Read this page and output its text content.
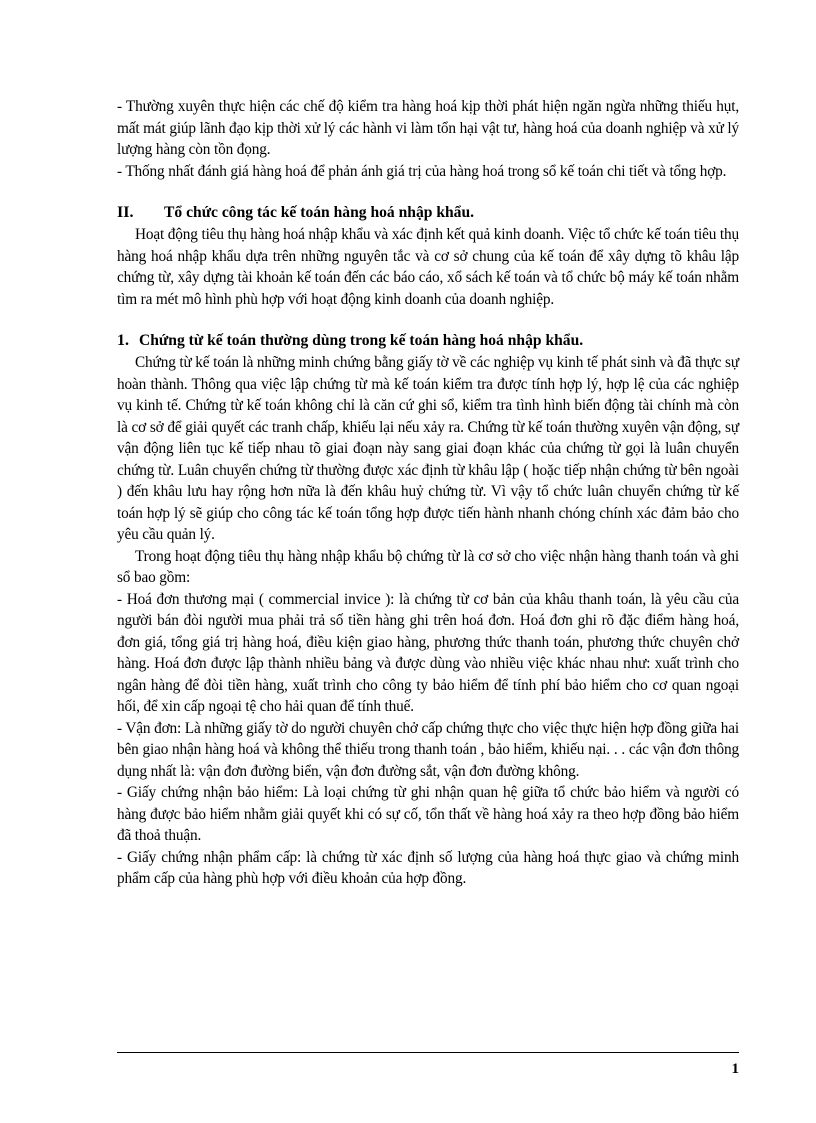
- Thường xuyên thực hiện các chế độ kiểm tra hàng hoá kịp thời phát hiện ngăn ngừa những thiếu hụt, mất mát giúp lãnh đạo kịp thời xử lý các hành vi làm tổn hại vật tư, hàng hoá của doanh nghiệp và xử lý lượng hàng còn tồn đọng.

- Thống nhất đánh giá hàng hoá để phản ánh giá trị của hàng hoá trong sổ kế toán chi tiết và tổng hợp.

II.	Tổ chức công tác kế toán hàng hoá nhập khẩu.

Hoạt động tiêu thụ hàng hoá nhập khẩu và xác định kết quả kinh doanh. Việc tổ chức kế toán tiêu thụ hàng hoá nhập khẩu dựa trên những nguyên tắc và cơ sở chung của kế toán để xây dựng tõ khâu lập chứng từ, xây dựng tài khoản kế toán đến các báo cáo, xổ sách kế toán và tổ chức bộ máy kế toán nhằm tìm ra mét mô hình phù hợp với hoạt động kinh doanh của doanh nghiệp.

1. Chứng từ kế toán thường dùng trong kế toán hàng hoá nhập khẩu.

Chứng từ kế toán là những minh chứng bằng giấy tờ về các nghiệp vụ kinh tế phát sinh và đã thực sự hoàn thành. Thông qua việc lập chứng từ mà kế toán kiểm tra được tính hợp lý, hợp lệ của các nghiệp vụ kinh tế. Chứng từ kế toán không chỉ là căn cứ ghi sổ, kiểm tra tình hình biến động tài chính mà còn là cơ sở để giải quyết các tranh chấp, khiếu lại nếu xảy ra. Chứng từ kế toán thường xuyên vận động, sự vận động liên tục kế tiếp nhau tõ giai đoạn này sang giai đoạn khác của chứng từ gọi là luân chuyển chứng từ. Luân chuyển chứng từ thường được xác định từ khâu lập ( hoặc tiếp nhận chứng từ bên ngoài ) đến khâu lưu hay rộng hơn nữa là đến khâu huỷ chứng từ. Vì vậy tổ chức luân chuyển chứng từ kế toán hợp lý sẽ giúp cho công tác kế toán tổng hợp được tiến hành nhanh chóng chính xác đảm bảo cho yêu cầu quản lý.

Trong hoạt động tiêu thụ hàng nhập khẩu bộ chứng từ là cơ sở cho việc nhận hàng thanh toán và ghi sổ bao gồm:

- Hoá đơn thương mại ( commercial invice ): là chứng từ cơ bản của khâu thanh toán, là yêu cầu của người bán đòi người mua phải trả số tiền hàng ghi trên hoá đơn. Hoá đơn ghi rõ đặc điểm hàng hoá, đơn giá, tổng giá trị hàng hoá, điều kiện giao hàng, phương thức thanh toán, phương thức chuyên chở hàng. Hoá đơn được lập thành nhiều bảng và được dùng vào nhiều việc khác nhau như: xuất trình cho ngân hàng để đòi tiền hàng, xuất trình cho công ty bảo hiểm để tính phí bảo hiểm cho cơ quan ngoại hối, để xin cấp ngoại tệ cho hải quan để tính thuế.

- Vận đơn: Là những giấy tờ do người chuyên chở cấp chứng thực cho việc thực hiện hợp đồng giữa hai bên giao nhận hàng hoá và không thể thiếu trong thanh toán , bảo hiểm, khiếu nại. . . các vận đơn thông dụng nhất là: vận đơn đường biển, vận đơn đường sắt, vận đơn đường không.

- Giấy chứng nhận bảo hiểm: Là loại chứng từ ghi nhận quan hệ giữa tổ chức bảo hiểm và người có hàng được bảo hiểm nhằm giải quyết khi có sự cố, tổn thất về hàng hoá xảy ra theo hợp đồng bảo hiểm đã thoả thuận.

- Giấy chứng nhận phẩm cấp: là chứng từ xác định số lượng của hàng hoá thực giao và chứng minh phẩm cấp của hàng phù hợp với điều khoản của hợp đồng.

1
